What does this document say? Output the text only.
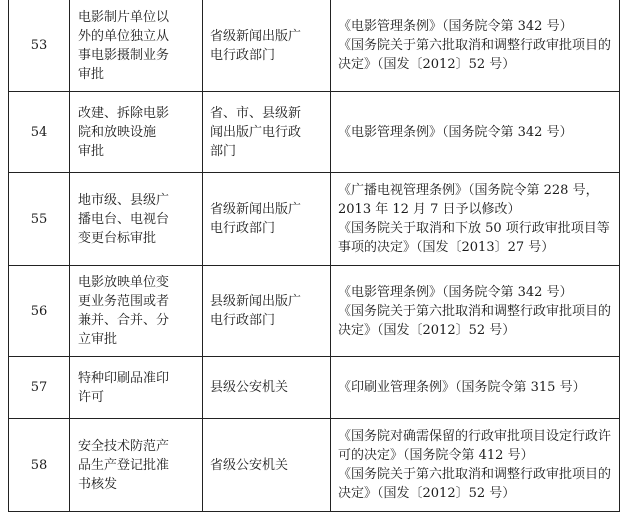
53	电影制片单位以
外的单位独立从
事电影摄制业务
审批	省级新闻出版广
电行政部门	《电影管理条例》（国务院令第 342 号）
《国务院关于第六批取消和调整行政审批项目的
决定》（国发〔2012〕52 号）

54	改建、拆除电影
院和放映设施
审批	省、市、县级新
闻出版广电行政
部门	《电影管理条例》（国务院令第 342 号）

55	地市级、县级广
播电台、电视台
变更台标审批	省级新闻出版广
电行政部门	《广播电视管理条例》（国务院令第 228 号，
2013 年 12 月 7 日予以修改）
《国务院关于取消和下放 50 项行政审批项目等
事项的决定》（国发〔2013〕27 号）

56	电影放映单位变
更业务范围或者
兼并、合并、分
立审批	县级新闻出版广
电行政部门	《电影管理条例》（国务院令第 342 号）
《国务院关于第六批取消和调整行政审批项目的
决定》（国发〔2012〕52 号）

57	特种印刷品准印
许可	县级公安机关	《印刷业管理条例》（国务院令第 315 号）

58	安全技术防范产
品生产登记批准
书核发	省级公安机关	《国务院对确需保留的行政审批项目设定行政许
可的决定》（国务院令第 412 号）
《国务院关于第六批取消和调整行政审批项目的
决定》（国发〔2012〕52 号）
